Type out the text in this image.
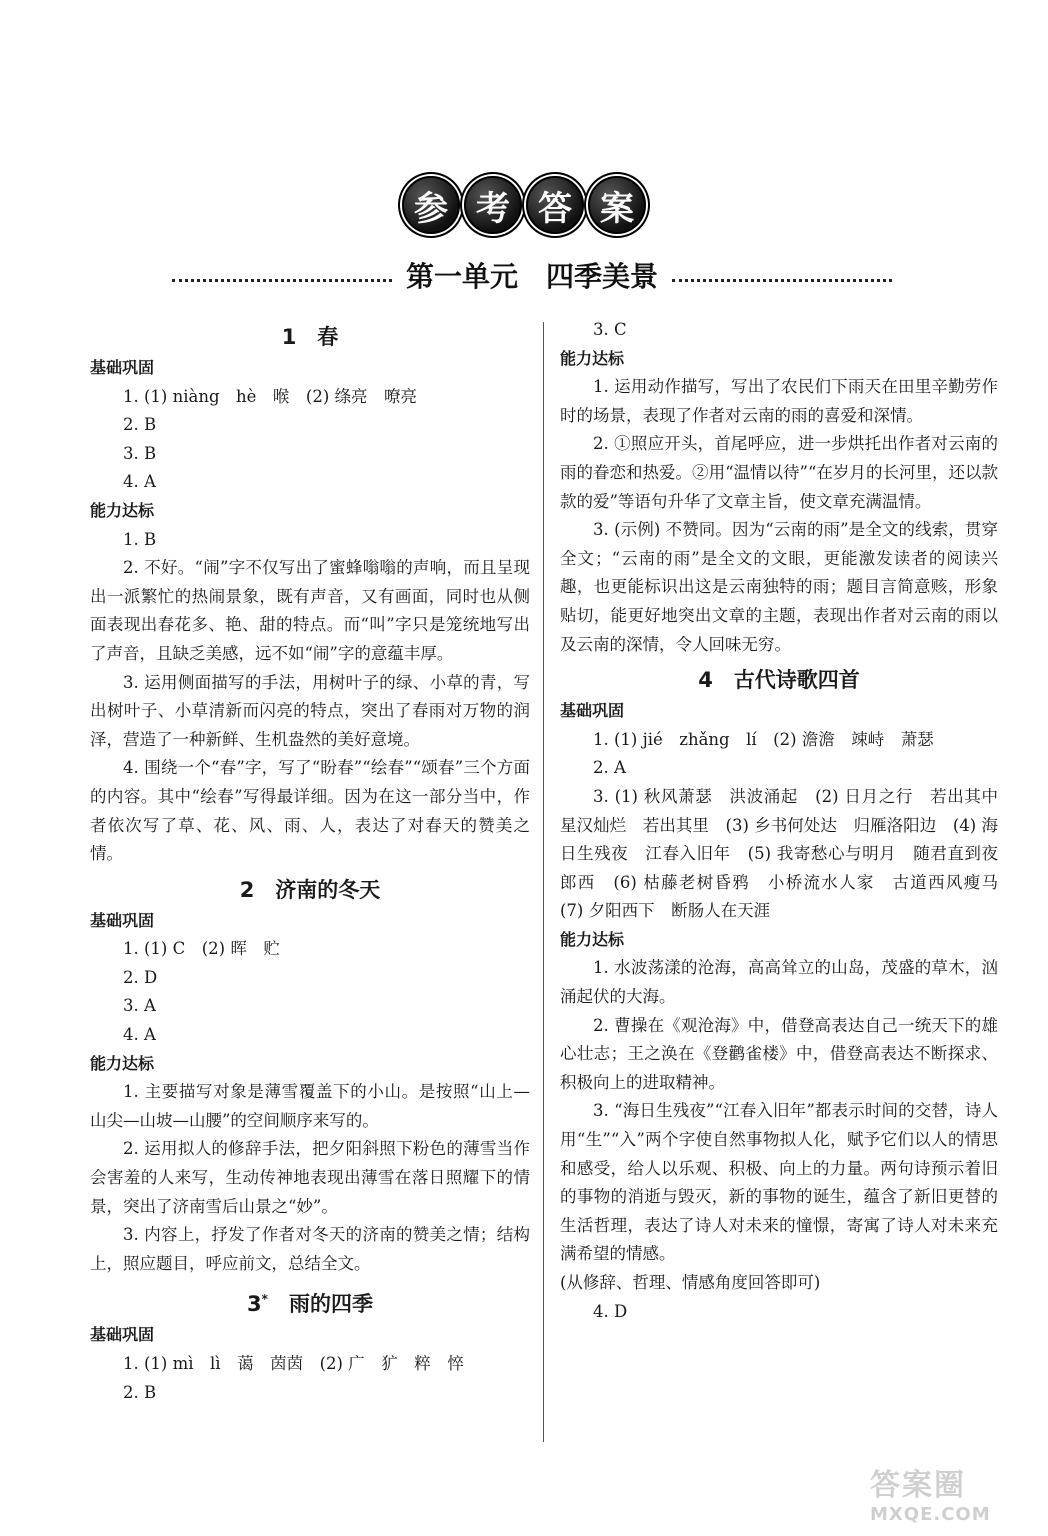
参 考 答 案
第一单元　四季美景
1　春
基础巩固
1. (1) niàng　hè　喉　(2) 绦亮　嘹亮
2. B
3. B
4. A
能力达标
1. B
2. 不好。“闹”字不仅写出了蜜蜂嗡嗡的声响，而且呈现出一派繁忙的热闹景象，既有声音，又有画面，同时也从侧面表现出春花多、艳、甜的特点。而“叫”字只是笼统地写出了声音，且缺乏美感，远不如“闹”字的意蕴丰厚。
3. 运用侧面描写的手法，用树叶子的绿、小草的青，写出树叶子、小草清新而闪亮的特点，突出了春雨对万物的润泽，营造了一种新鲜、生机盎然的美好意境。
4. 围绕一个“春”字，写了“盼春”“绘春”“颂春”三个方面的内容。其中“绘春”写得最详细。因为在这一部分当中，作者依次写了草、花、风、雨、人，表达了对春天的赞美之情。
2　济南的冬天
基础巩固
1. (1) C　(2) 晖　贮
2. D
3. A
4. A
能力达标
1. 主要描写对象是薄雪覆盖下的小山。是按照“山上—山尖—山坡—山腰”的空间顺序来写的。
2. 运用拟人的修辞手法，把夕阳斜照下粉色的薄雪当作会害羞的人来写，生动传神地表现出薄雪在落日照耀下的情景，突出了济南雪后山景之“妙”。
3. 内容上，抒发了作者对冬天的济南的赞美之情；结构上，照应题目，呼应前文，总结全文。
3*　 雨的四季
基础巩固
1. (1) mì　lì　蔼　茵茵　(2) 广　犷　粹　悴
2. B
3. C
能力达标
1. 运用动作描写，写出了农民们下雨天在田里辛勤劳作时的场景，表现了作者对云南的雨的喜爱和深情。
2. ①照应开头，首尾呼应，进一步烘托出作者对云南的雨的眷恋和热爱。②用“温情以待”“在岁月的长河里，还以款款的爱”等语句升华了文章主旨，使文章充满温情。
3. (示例) 不赞同。因为“云南的雨”是全文的线索，贯穿全文；“云南的雨”是全文的文眼，更能激发读者的阅读兴趣，也更能标识出这是云南独特的雨；题目言简意赅，形象贴切，能更好地突出文章的主题，表现出作者对云南的雨以及云南的深情，令人回味无穷。
4　古代诗歌四首
基础巩固
1. (1) jié　zhǎng　lí　(2) 澹澹　竦峙　萧瑟
2. A
3. (1) 秋风萧瑟　洪波涌起　(2) 日月之行　若出其中　星汉灿烂　若出其里　(3) 乡书何处达　归雁洛阳边　(4) 海日生残夜　江春入旧年　(5) 我寄愁心与明月　随君直到夜郎西　(6) 枯藤老树昏鸦　小桥流水人家　古道西风瘦马　(7) 夕阳西下　断肠人在天涯
能力达标
1. 水波荡漾的沧海，高高耸立的山岛，茂盛的草木，汹涌起伏的大海。
2. 曹操在《观沧海》中，借登高表达自己一统天下的雄心壮志；王之涣在《登鹳雀楼》中，借登高表达不断探求、积极向上的进取精神。
3. “海日生残夜”“江春入旧年”都表示时间的交替，诗人用“生”“入”两个字使自然事物拟人化，赋予它们以人的情思和感受，给人以乐观、积极、向上的力量。两句诗预示着旧的事物的消逝与毁灭，新的事物的诞生，蕴含了新旧更替的生活哲理，表达了诗人对未来的憧憬，寄寓了诗人对未来充满希望的情感。
(从修辞、哲理、情感角度回答即可)
4. D
答案圈
MXQE.COM
